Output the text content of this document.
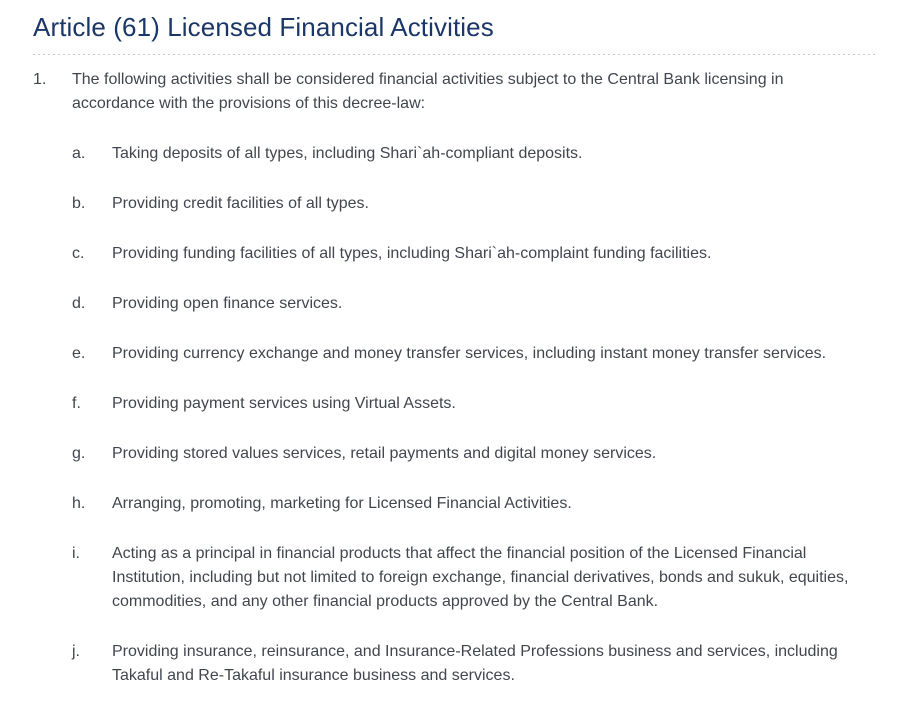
Article (61) Licensed Financial Activities
1.	The following activities shall be considered financial activities subject to the Central Bank licensing in accordance with the provisions of this decree-law:

a.	Taking deposits of all types, including Shari`ah-compliant deposits.

b.	Providing credit facilities of all types.

c.	Providing funding facilities of all types, including Shari`ah-complaint funding facilities.

d.	Providing open finance services.

e.	Providing currency exchange and money transfer services, including instant money transfer services.

f.	Providing payment services using Virtual Assets.

g.	Providing stored values services, retail payments and digital money services.

h.	Arranging, promoting, marketing for Licensed Financial Activities.

i.	Acting as a principal in financial products that affect the financial position of the Licensed Financial Institution, including but not limited to foreign exchange, financial derivatives, bonds and sukuk, equities, commodities, and any other financial products approved by the Central Bank.

j.	Providing insurance, reinsurance, and Insurance-Related Professions business and services, including Takaful and Re-Takaful insurance business and services.
